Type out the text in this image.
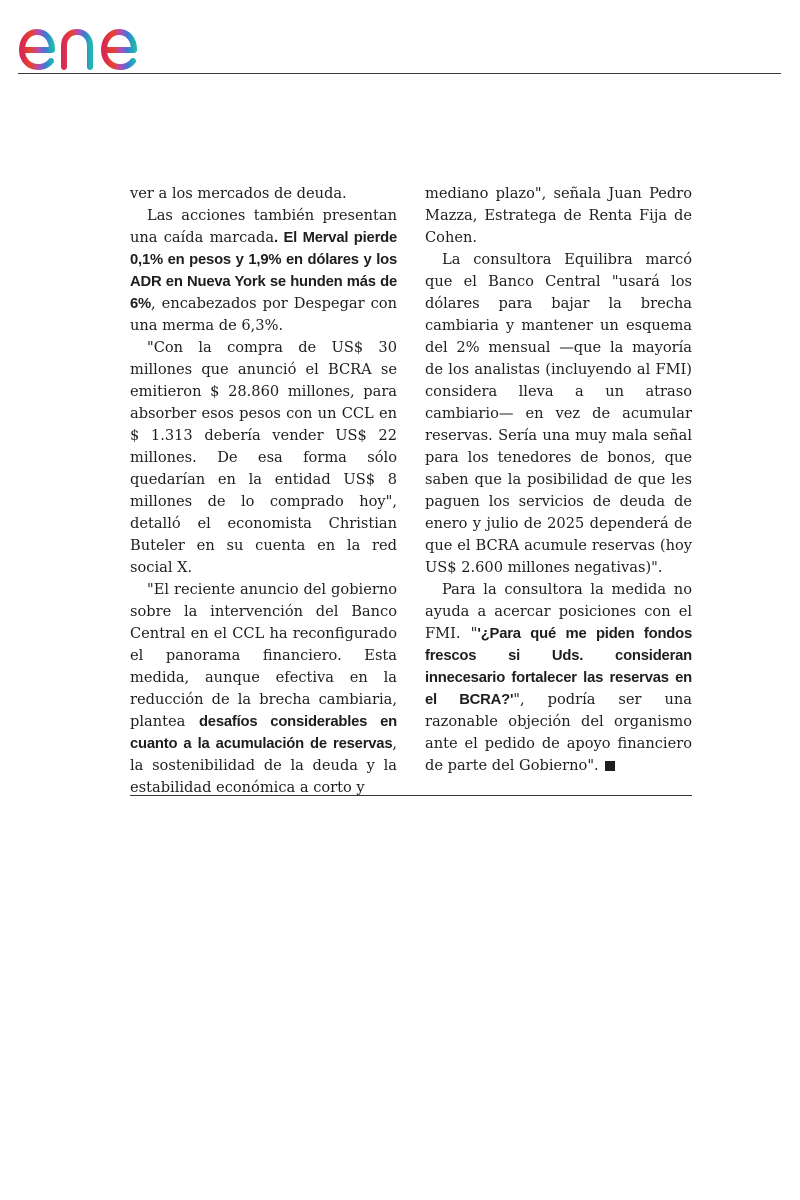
ver a los mercados de deuda.

Las acciones también presentan una caída marcada. El Merval pierde 0,1% en pesos y 1,9% en dólares y los ADR en Nueva York se hunden más de 6%, encabezados por Despegar con una merma de 6,3%.

"Con la compra de US$ 30 millones que anunció el BCRA se emitieron $ 28.860 millones, para absorber esos pesos con un CCL en $ 1.313 debería vender US$ 22 millones. De esa forma sólo quedarían en la entidad US$ 8 millones de lo comprado hoy", detalló el economista Christian Buteler en su cuenta en la red social X.

"El reciente anuncio del gobierno sobre la intervención del Banco Central en el CCL ha reconfigurado el panorama financiero. Esta medida, aunque efectiva en la reducción de la brecha cambiaria, plantea desafíos considerables en cuanto a la acumulación de reservas, la sostenibilidad de la deuda y la estabilidad económica a corto y

mediano plazo", señala Juan Pedro Mazza, Estratega de Renta Fija de Cohen.

La consultora Equilibra marcó que el Banco Central "usará los dólares para bajar la brecha cambiaria y mantener un esquema del 2% mensual —que la mayoría de los analistas (incluyendo al FMI) considera lleva a un atraso cambiario— en vez de acumular reservas. Sería una muy mala señal para los tenedores de bonos, que saben que la posibilidad de que les paguen los servicios de deuda de enero y julio de 2025 dependerá de que el BCRA acumule reservas (hoy US$ 2.600 millones negativas)".

Para la consultora la medida no ayuda a acercar posiciones con el FMI. "'¿Para qué me piden fondos frescos si Uds. consideran innecesario fortalecer las reservas en el BCRA?'", podría ser una razonable objeción del organismo ante el pedido de apoyo financiero de parte del Gobierno".
